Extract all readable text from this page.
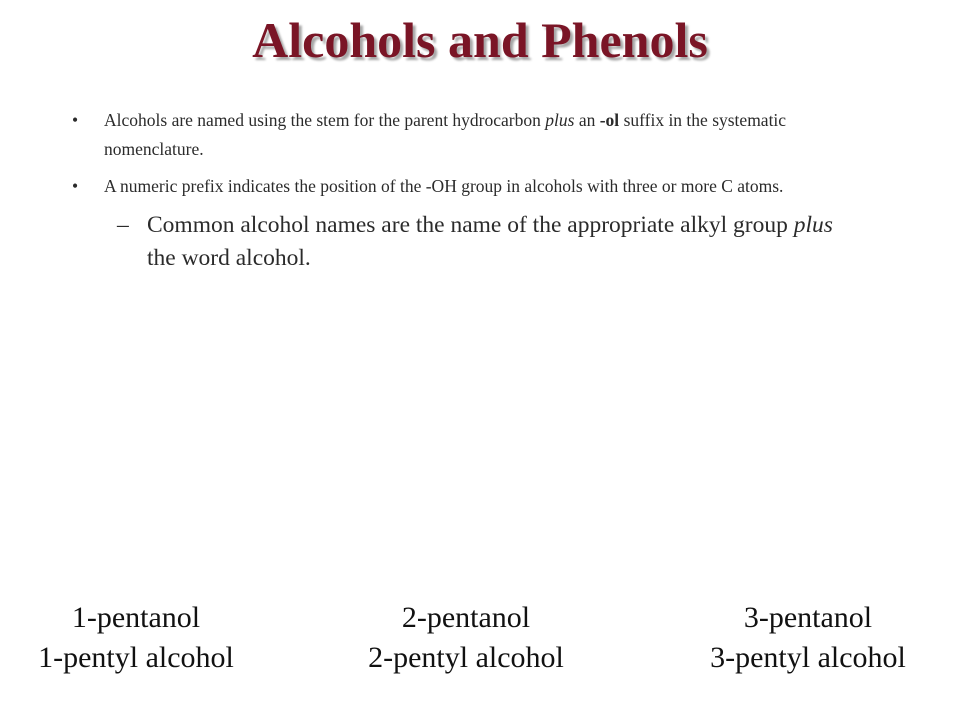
Alcohols and Phenols
• Alcohols are named using the stem for the parent hydrocarbon plus an -ol suffix in the systematic nomenclature.
• A numeric prefix indicates the position of the -OH group in alcohols with three or more C atoms.
– Common alcohol names are the name of the appropriate alkyl group plus the word alcohol.
1-pentanol
1-pentyl alcohol
2-pentanol
2-pentyl alcohol
3-pentanol
3-pentyl alcohol
